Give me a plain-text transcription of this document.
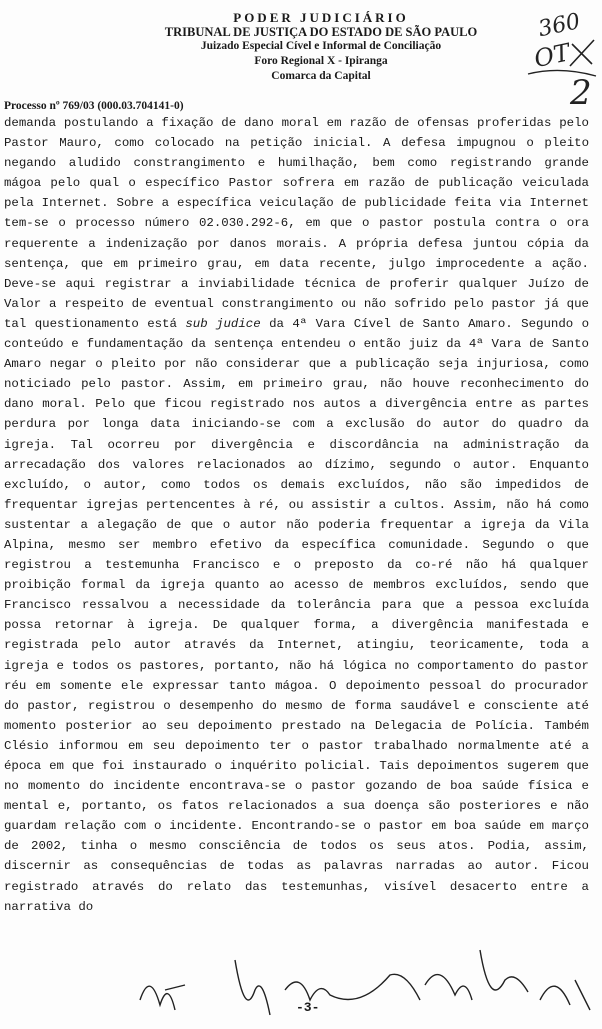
PODER JUDICIÁRIO
TRIBUNAL DE JUSTIÇA DO ESTADO DE SÃO PAULO
Juizado Especial Cível e Informal de Conciliação
Foro Regional X - Ipiranga
Comarca da Capital
360
OT
2
Processo nº 769/03 (000.03.704141-0)

demanda postulando a fixação de dano moral em razão de ofensas proferidas pelo Pastor Mauro, como colocado na petição inicial. A defesa impugnou o pleito negando aludido constrangimento e humilhação, bem como registrando grande mágoa pelo qual o específico Pastor sofrera em razão de publicação veiculada pela Internet. Sobre a específica veiculação de publicidade feita via Internet tem-se o processo número 02.030.292-6, em que o pastor postula contra o ora requerente a indenização por danos morais. A própria defesa juntou cópia da sentença, que em primeiro grau, em data recente, julgo improcedente a ação. Deve-se aqui registrar a inviabilidade técnica de proferir qualquer Juízo de Valor a respeito de eventual constrangimento ou não sofrido pelo pastor já que tal questionamento está sub judice da 4ª Vara Cível de Santo Amaro. Segundo o conteúdo e fundamentação da sentença entendeu o então juiz da 4ª Vara de Santo Amaro negar o pleito por não considerar que a publicação seja injuriosa, como noticiado pelo pastor. Assim, em primeiro grau, não houve reconhecimento do dano moral. Pelo que ficou registrado nos autos a divergência entre as partes perdura por longa data iniciando-se com a exclusão do autor do quadro da igreja. Tal ocorreu por divergência e discordância na administração da arrecadação dos valores relacionados ao dízimo, segundo o autor. Enquanto excluído, o autor, como todos os demais excluídos, não são impedidos de frequentar igrejas pertencentes à ré, ou assistir a cultos. Assim, não há como sustentar a alegação de que o autor não poderia frequentar a igreja da Vila Alpina, mesmo ser membro efetivo da específica comunidade. Segundo o que registrou a testemunha Francisco e o preposto da co-ré não há qualquer proibição formal da igreja quanto ao acesso de membros excluídos, sendo que Francisco ressalvou a necessidade da tolerância para que a pessoa excluída possa retornar à igreja. De qualquer forma, a divergência manifestada e registrada pelo autor através da Internet, atingiu, teoricamente, toda a igreja e todos os pastores, portanto, não há lógica no comportamento do pastor réu em somente ele expressar tanto mágoa. O depoimento pessoal do procurador do pastor, registrou o desempenho do mesmo de forma saudável e consciente até momento posterior ao seu depoimento prestado na Delegacia de Polícia. Também Clésio informou em seu depoimento ter o pastor trabalhado normalmente até a época em que foi instaurado o inquérito policial. Tais depoimentos sugerem que no momento do incidente encontrava-se o pastor gozando de boa saúde física e mental e, portanto, os fatos relacionados a sua doença são posteriores e não guardam relação com o incidente. Encontrando-se o pastor em boa saúde em março de 2002, tinha o mesmo consciência de todos os seus atos. Podia, assim, discernir as consequências de todas as palavras narradas ao autor. Ficou registrado através do relato das testemunhas, visível desacerto entre a narrativa do

-3-
